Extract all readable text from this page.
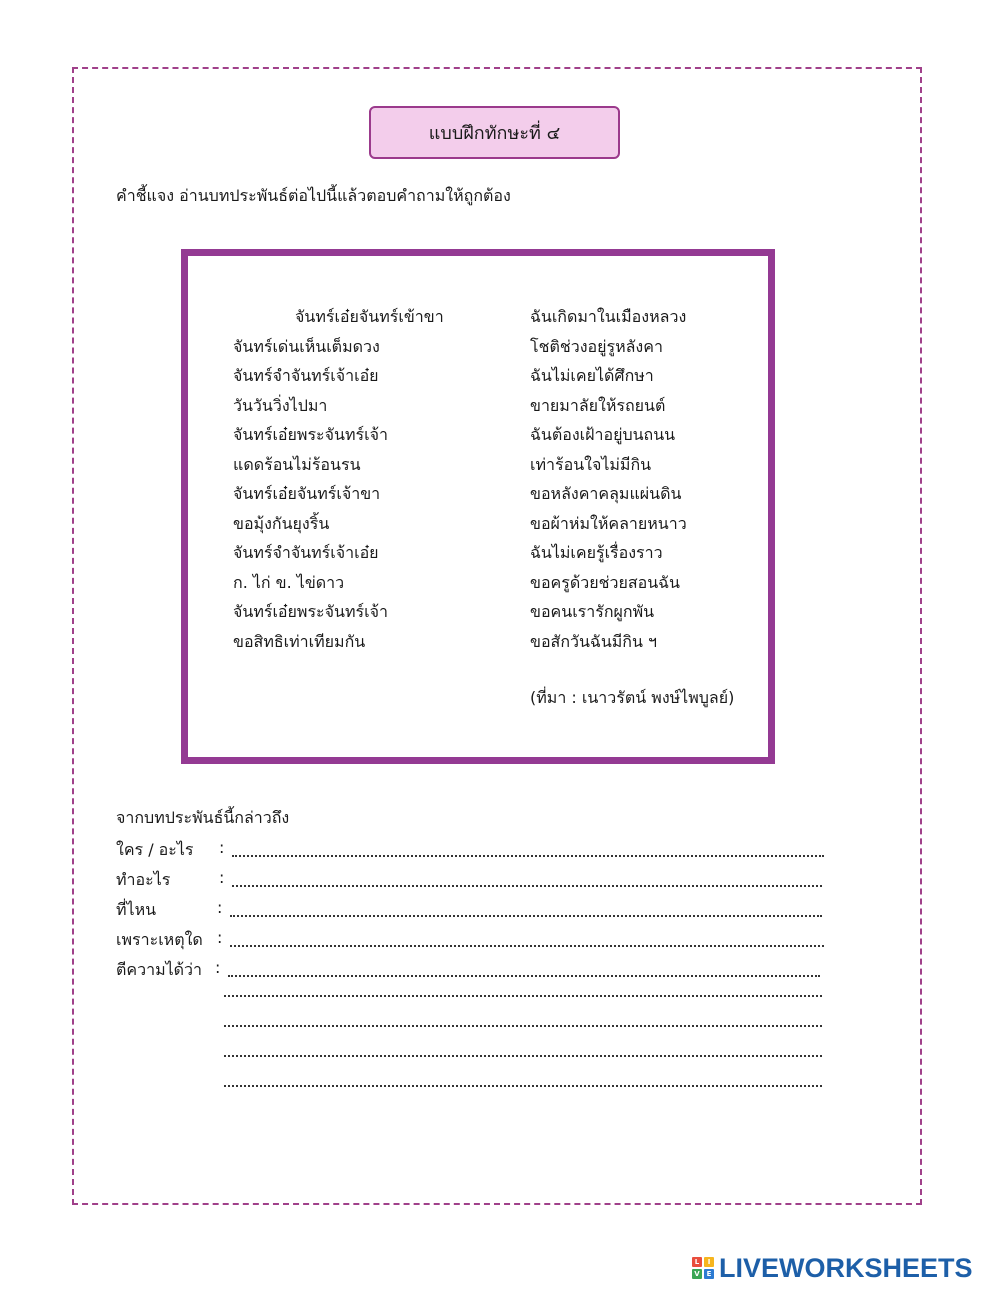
แบบฝึกทักษะที่ ๔
คำชี้แจง อ่านบทประพันธ์ต่อไปนี้แล้วตอบคำถามให้ถูกต้อง
จันทร์เอ๋ยจันทร์เข้าขา
จันทร์เด่นเห็นเต็มดวง
จันทร์จำจันทร์เจ้าเอ๋ย
วันวันวิ่งไปมา
จันทร์เอ๋ยพระจันทร์เจ้า
แดดร้อนไม่ร้อนรน
จันทร์เอ๋ยจันทร์เจ้าขา
ขอมุ้งกันยุงริ้น
จันทร์จำจันทร์เจ้าเอ๋ย
ก. ไก่ ข. ไข่ดาว
จันทร์เอ๋ยพระจันทร์เจ้า
ขอสิทธิเท่าเทียมกัน
ฉันเกิดมาในเมืองหลวง
โชติช่วงอยู่รูหลังคา
ฉันไม่เคยได้ศึกษา
ขายมาลัยให้รถยนต์
ฉันต้องเฝ้าอยู่บนถนน
เท่าร้อนใจไม่มีกิน
ขอหลังคาคลุมแผ่นดิน
ขอผ้าห่มให้คลายหนาว
ฉันไม่เคยรู้เรื่องราว
ขอครูด้วยช่วยสอนฉัน
ขอคนเรารักผูกพัน
ขอสักวันฉันมีกิน ฯ
(ที่มา : เนาวรัตน์ พงษ์ไพบูลย์)
จากบทประพันธ์นี้กล่าวถึง
ใคร / อะไร :
ทำอะไร	:
ที่ไหน	:
เพราะเหตุใด :
ตีความได้ว่า :
L	I
V E LIVEWORKSHEETS
